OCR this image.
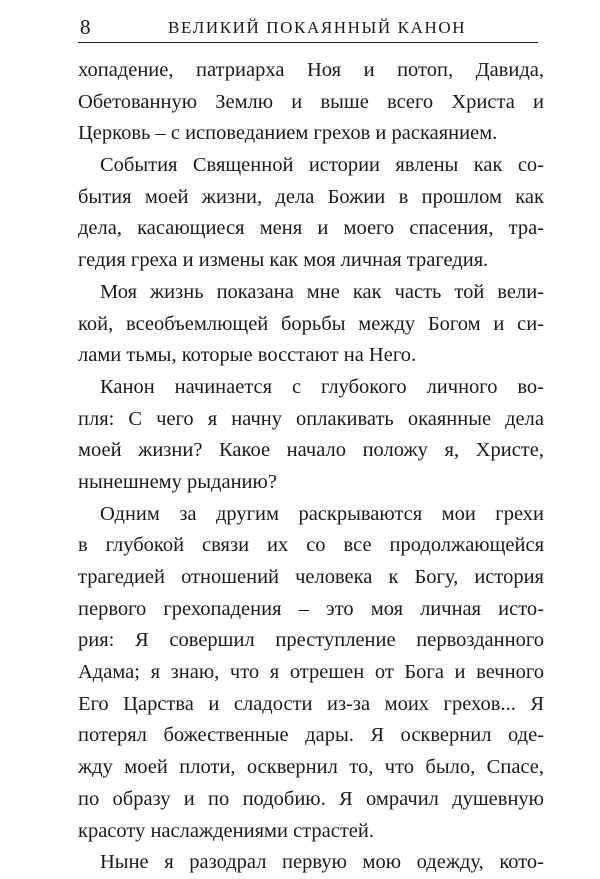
8	ВЕЛИКИЙ ПОКАЯННЫЙ КАНОН
хопадение, патриарха Ноя и потоп, Давида,
Обетованную Землю и выше всего Христа и
Церковь – с исповеданием грехов и раскаянием.
События Священной истории явлены как со-
бытия моей жизни, дела Божии в прошлом как
дела, касающиеся меня и моего спасения, тра-
гедия греха и измены как моя личная трагедия.
Моя жизнь показана мне как часть той вели-
кой, всеобъемлющей борьбы между Богом и си-
лами тьмы, которые восстают на Него.
Канон начинается с глубокого личного во-
пля: С чего я начну оплакивать окаянные дела
моей жизни? Какое начало положу я, Христе,
нынешнему рыданию?
Одним за другим раскрываются мои грехи
в глубокой связи их со все продолжающейся
трагедией отношений человека к Богу, история
первого грехопадения – это моя личная исто-
рия: Я совершил преступление первозданного
Адама; я знаю, что я отрешен от Бога и вечного
Его Царства и сладости из-за моих грехов... Я
потерял божественные дары. Я осквернил оде-
жду моей плоти, осквернил то, что было, Спасе,
по образу и по подобию. Я омрачил душевную
красоту наслаждениями страстей.
Ныне я разодрал первую мою одежду, кото-
